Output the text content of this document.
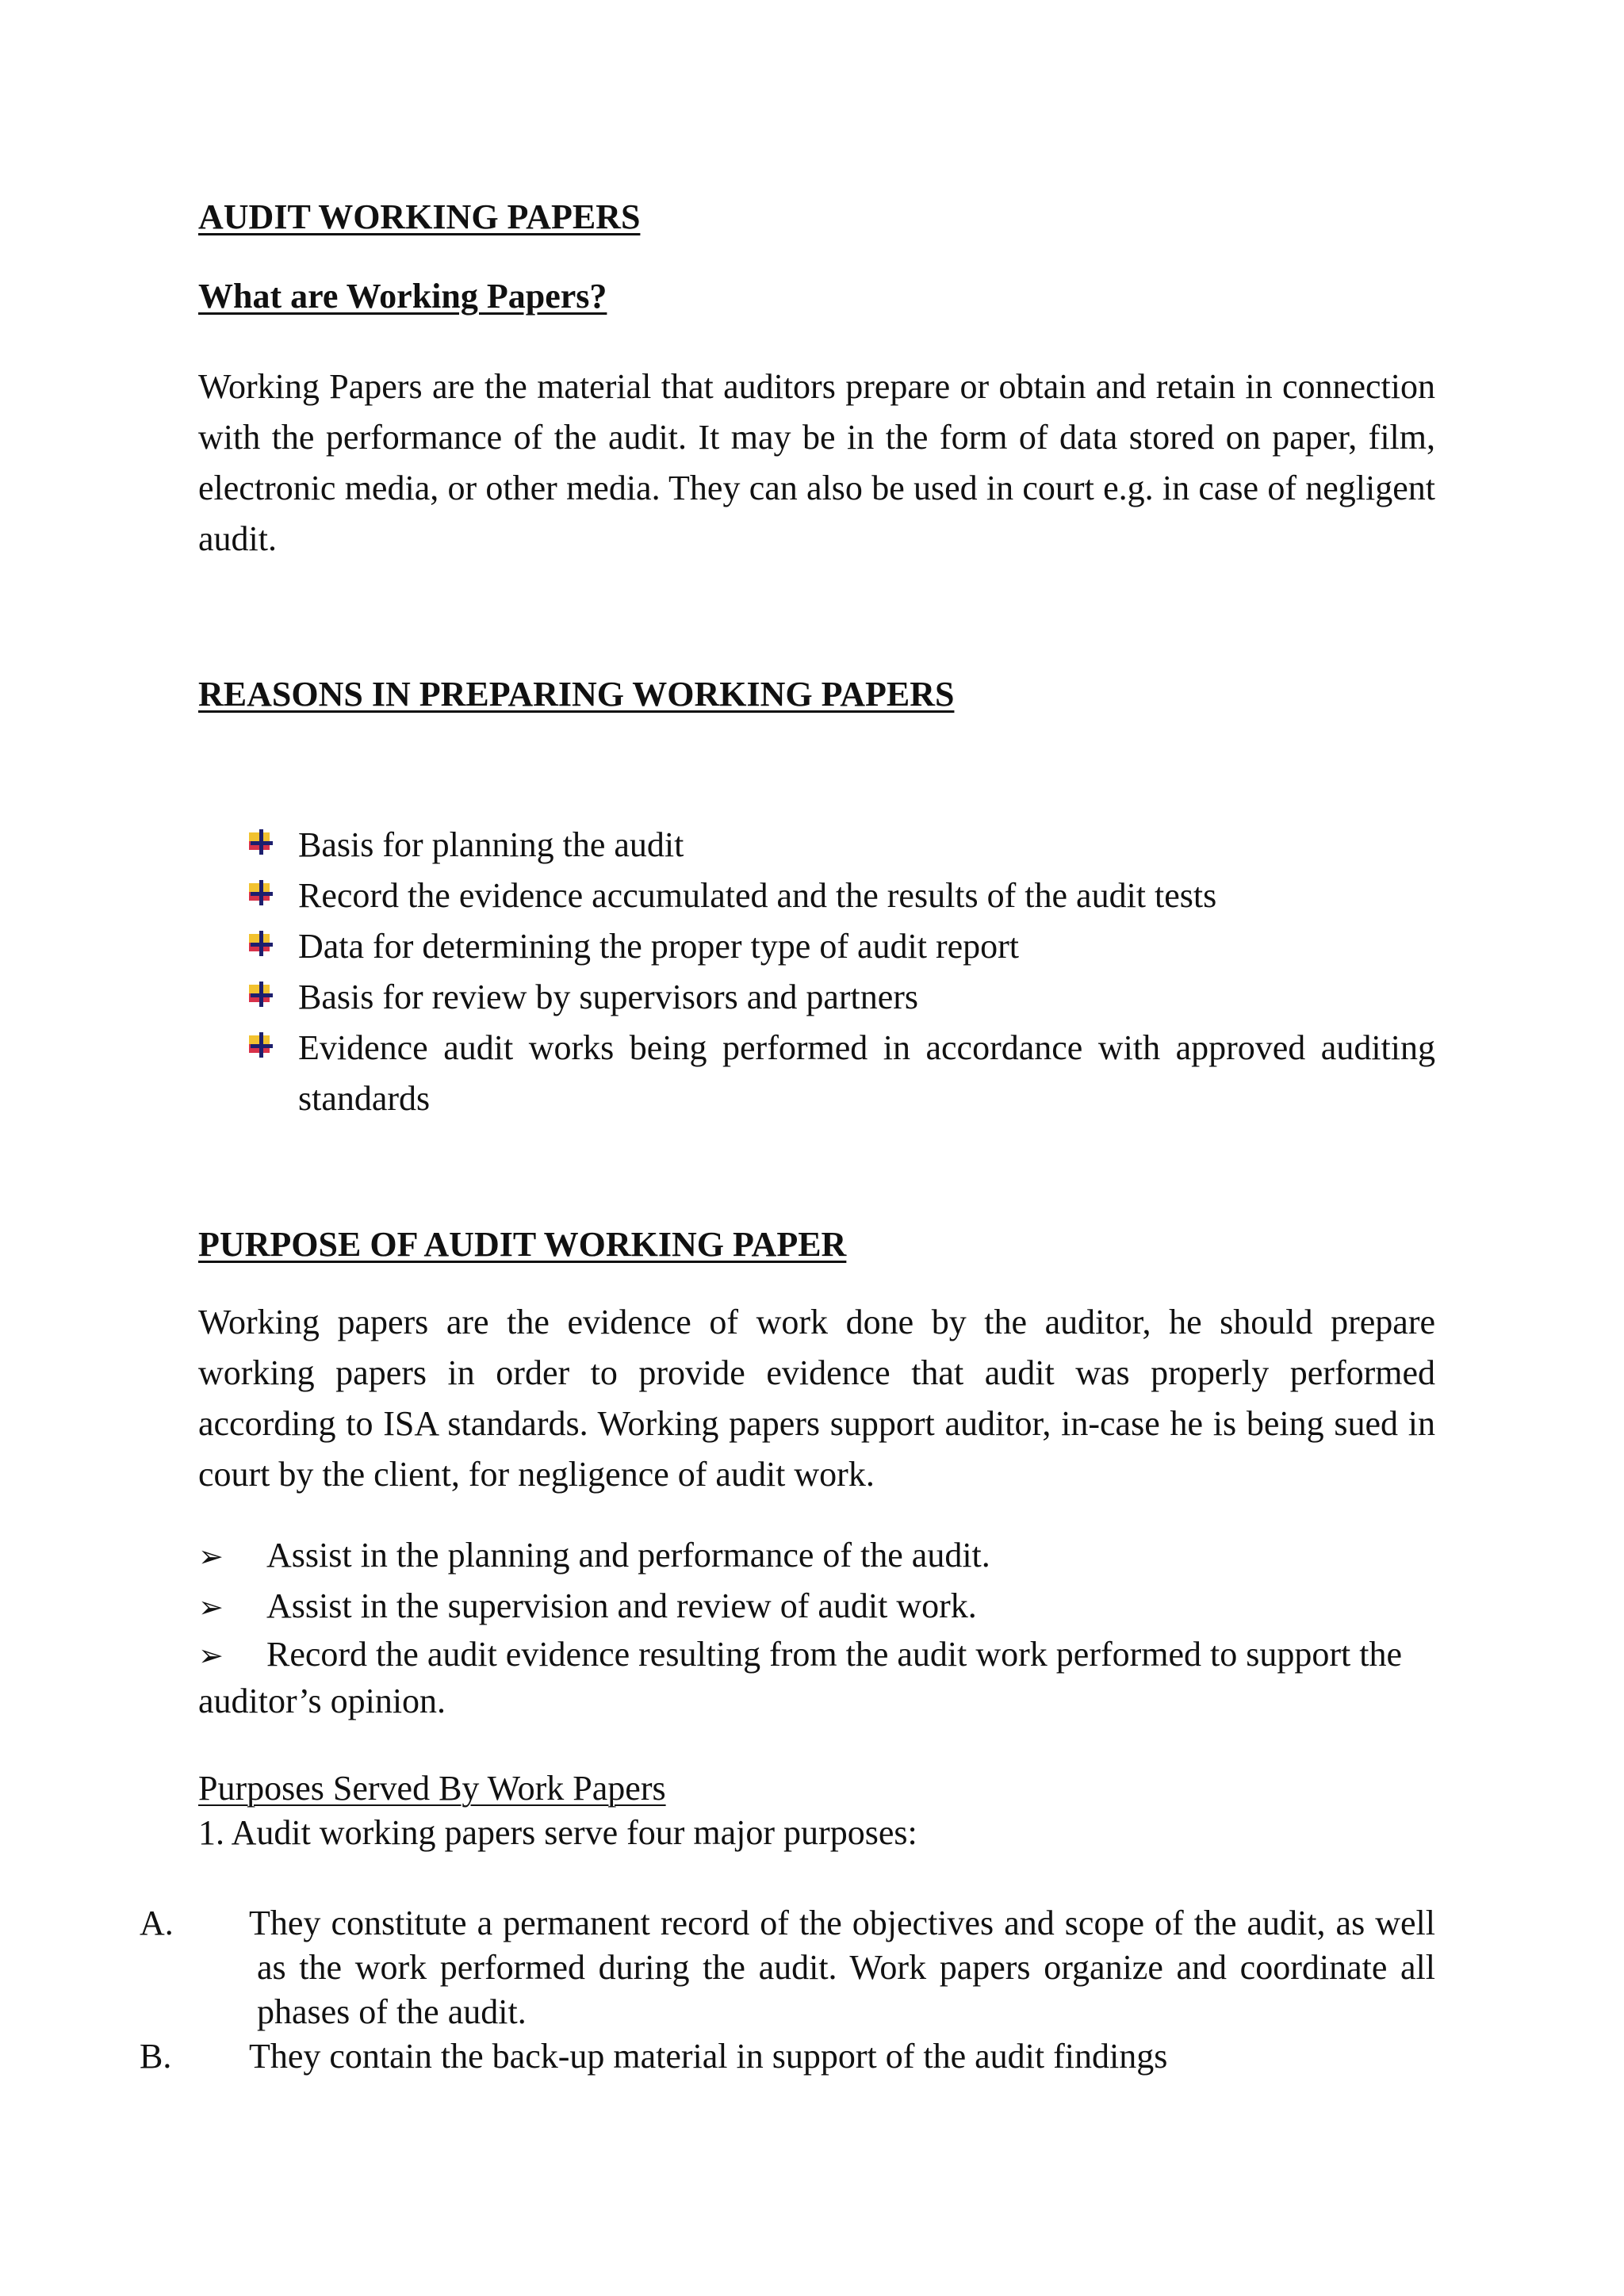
AUDIT WORKING PAPERS
What are Working Papers?

Working Papers are the material that auditors prepare or obtain and retain in connection with the performance of the audit. It may be in the form of data stored on paper, film, electronic media, or other media. They can also be used in court e.g. in case of negligent audit.

REASONS IN PREPARING WORKING PAPERS
Basis for planning the audit
Record the evidence accumulated and the results of the audit tests
Data for determining the proper type of audit report
Basis for review by supervisors and partners
Evidence audit works being performed in accordance with approved auditing standards
PURPOSE OF AUDIT WORKING PAPER

Working papers are the evidence of work done by the auditor, he should prepare working papers in order to provide evidence that audit was properly performed according to ISA standards. Working papers support auditor, in-case he is being sued in court by the client, for negligence of audit work.

➢ Assist in the planning and performance of the audit.
➢ Assist in the supervision and review of audit work.
➢ Record the audit evidence resulting from the audit work performed to support the auditor’s opinion.
Purposes Served By Work Papers
1. Audit working papers serve four major purposes:
A. They constitute a permanent record of the objectives and scope of the audit, as well as the work performed during the audit. Work papers organize and coordinate all phases of the audit.
B. They contain the back-up material in support of the audit findings
